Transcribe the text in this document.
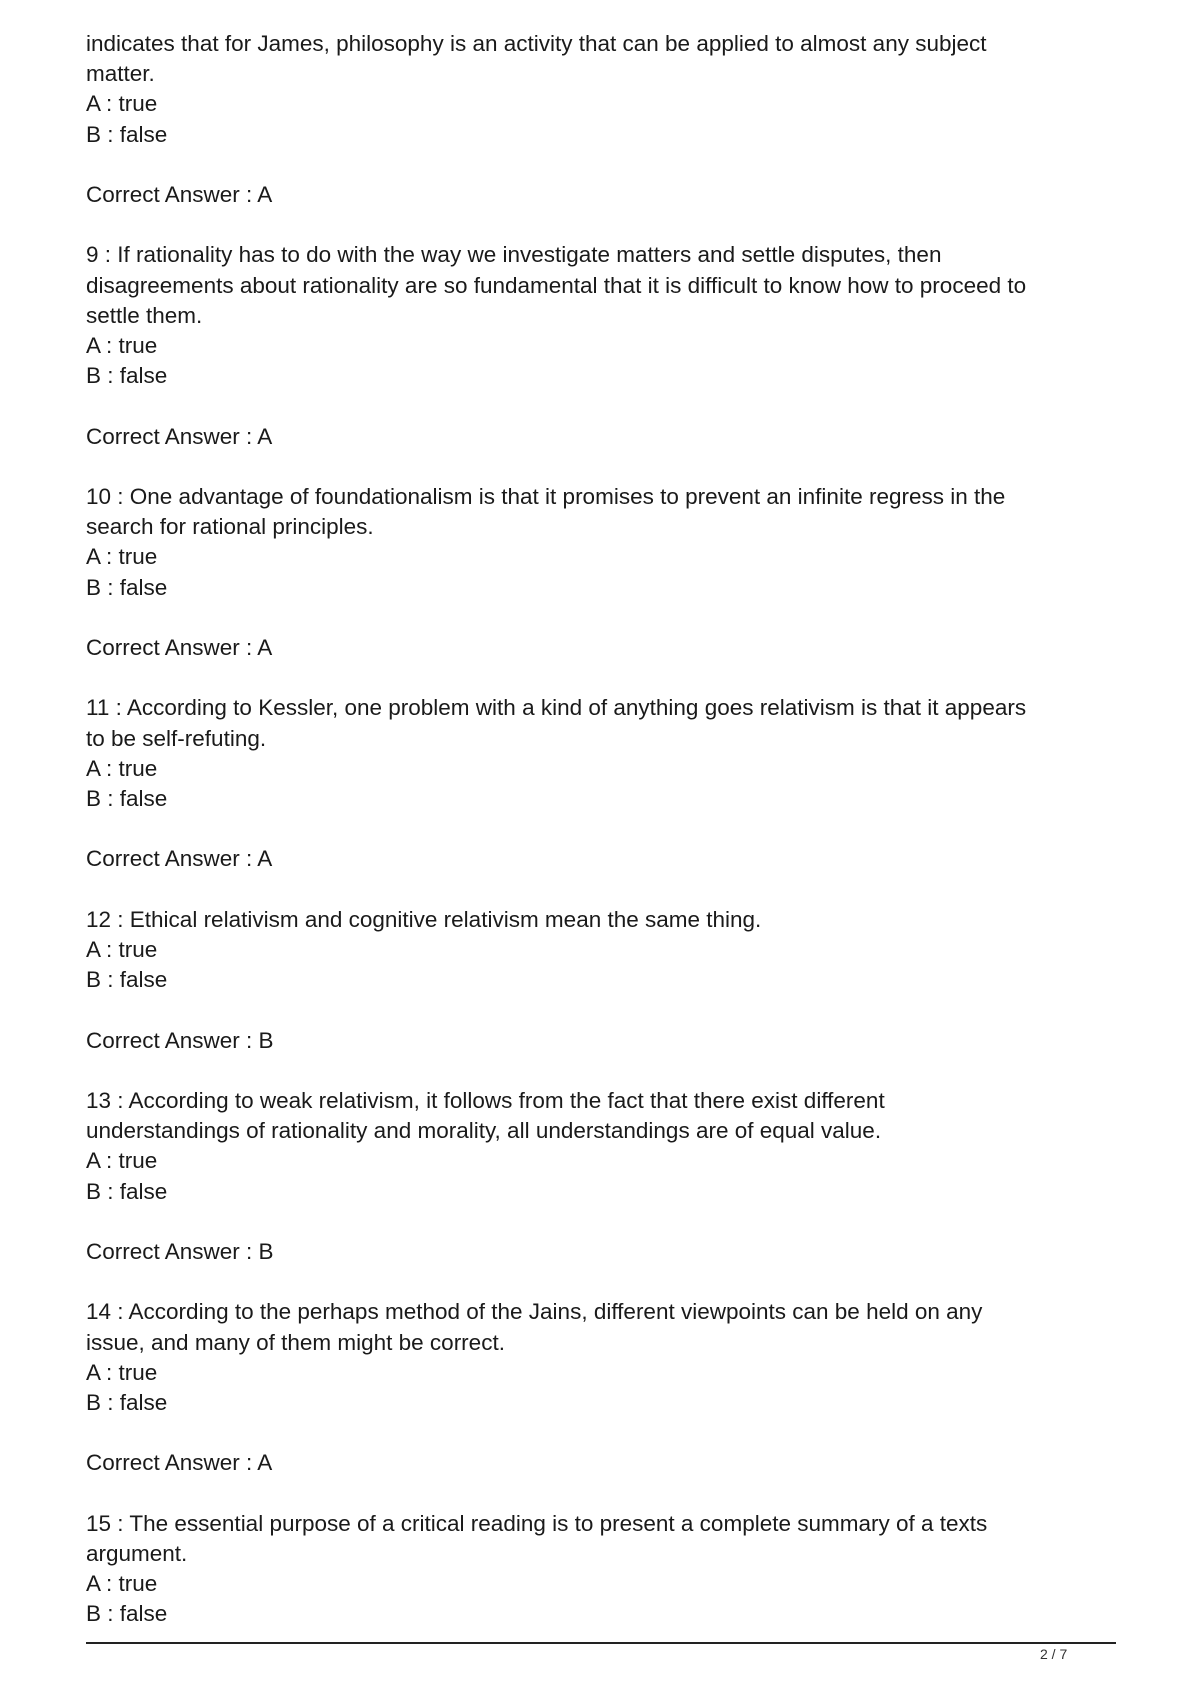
indicates that for James, philosophy is an activity that can be applied to almost any subject
matter.
A : true
B : false
Correct Answer : A
9 : If rationality has to do with the way we investigate matters and settle disputes, then
disagreements about rationality are so fundamental that it is difficult to know how to proceed to
settle them.
A : true
B : false
Correct Answer : A
10 : One advantage of foundationalism is that it promises to prevent an infinite regress in the
search for rational principles.
A : true
B : false
Correct Answer : A
11 : According to Kessler, one problem with a kind of anything goes relativism is that it appears
to be self-refuting.
A : true
B : false
Correct Answer : A
12 : Ethical relativism and cognitive relativism mean the same thing.
A : true
B : false
Correct Answer : B
13 : According to weak relativism, it follows from the fact that there exist different
understandings of rationality and morality, all understandings are of equal value.
A : true
B : false
Correct Answer : B
14 : According to the perhaps method of the Jains, different viewpoints can be held on any
issue, and many of them might be correct.
A : true
B : false
Correct Answer : A
15 : The essential purpose of a critical reading is to present a complete summary of a texts
argument.
A : true
B : false
2 / 7
